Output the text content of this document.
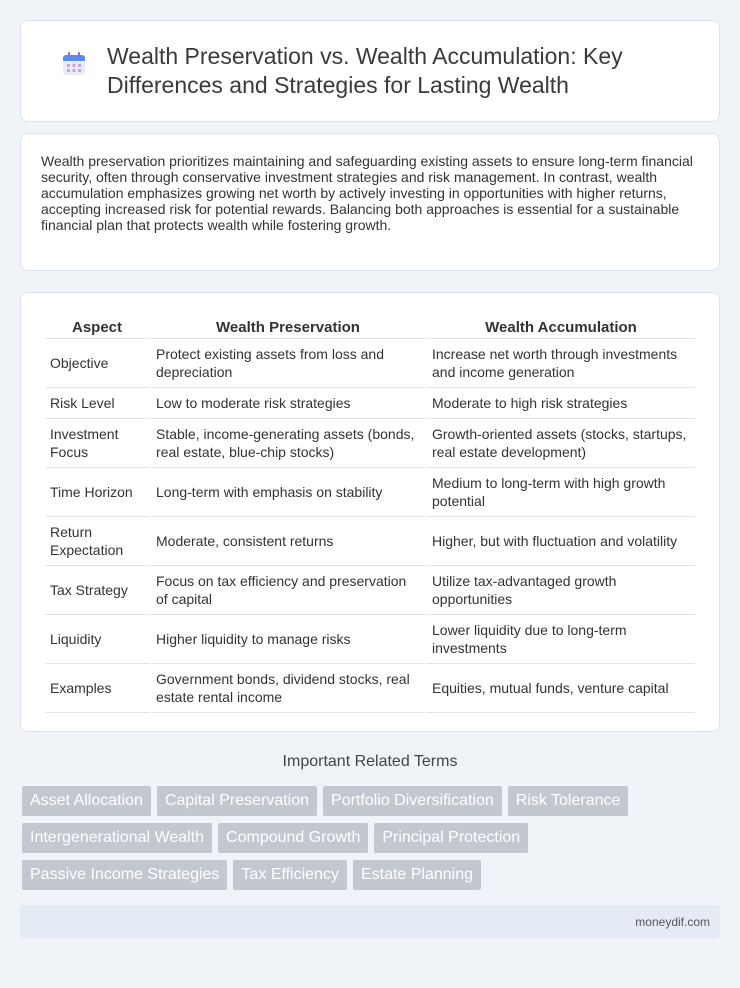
Wealth Preservation vs. Wealth Accumulation: Key Differences and Strategies for Lasting Wealth

Wealth preservation prioritizes maintaining and safeguarding existing assets to ensure long-term financial security, often through conservative investment strategies and risk management. In contrast, wealth accumulation emphasizes growing net worth by actively investing in opportunities with higher returns, accepting increased risk for potential rewards. Balancing both approaches is essential for a sustainable financial plan that protects wealth while fostering growth.

Aspect	Wealth Preservation	Wealth Accumulation
Objective	Protect existing assets from loss and depreciation	Increase net worth through investments and income generation
Risk Level	Low to moderate risk strategies	Moderate to high risk strategies
Investment Focus	Stable, income-generating assets (bonds, real estate, blue-chip stocks)	Growth-oriented assets (stocks, startups, real estate development)
Time Horizon	Long-term with emphasis on stability	Medium to long-term with high growth potential
Return Expectation	Moderate, consistent returns	Higher, but with fluctuation and volatility
Tax Strategy	Focus on tax efficiency and preservation of capital	Utilize tax-advantaged growth opportunities
Liquidity	Higher liquidity to manage risks	Lower liquidity due to long-term investments
Examples	Government bonds, dividend stocks, real estate rental income	Equities, mutual funds, venture capital
Important Related Terms
Asset Allocation	Capital Preservation	Portfolio Diversification	Risk Tolerance
Intergenerational Wealth	Compound Growth	Principal Protection
Passive Income Strategies	Tax Efficiency	Estate Planning
moneydif.com
